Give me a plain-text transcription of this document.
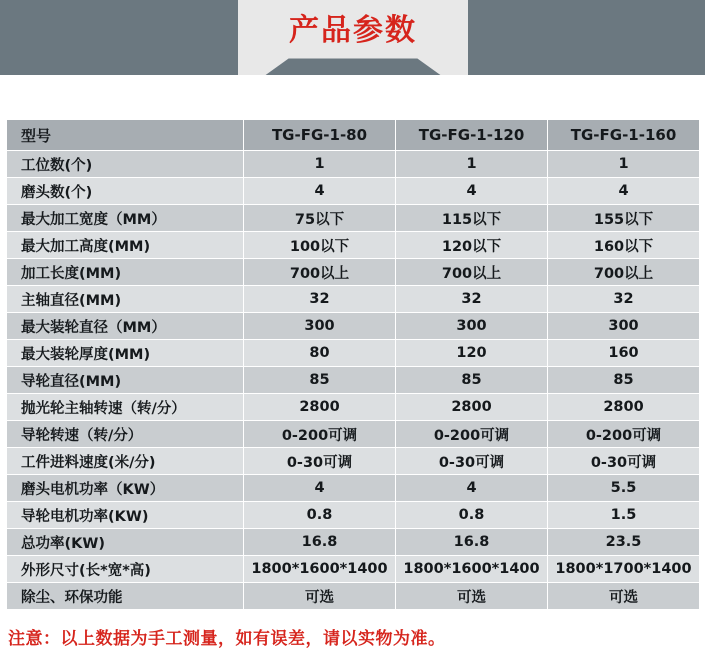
产品参数
型号	TG-FG-1-80	TG-FG-1-120	TG-FG-1-160
工位数(个)	1	1	1
磨头数(个)	4	4	4
最大加工宽度（MM）	75以下	115以下	155以下
最大加工高度(MM)	100以下	120以下	160以下
加工长度(MM)	700以上	700以上	700以上
主轴直径(MM)	32	32	32
最大装轮直径（MM）	300	300	300
最大装轮厚度(MM)	80	120	160
导轮直径(MM)	85	85	85
抛光轮主轴转速（转/分）	2800	2800	2800
导轮转速（转/分）	0-200可调	0-200可调	0-200可调
工件进料速度(米/分)	0-30可调	0-30可调	0-30可调
磨头电机功率（KW）	4	4	5.5
导轮电机功率(KW)	0.8	0.8	1.5
总功率(KW)	16.8	16.8	23.5
外形尺寸(长*宽*高)	1800*1600*1400	1800*1600*1400	1800*1700*1400
除尘、环保功能	可选	可选	可选
注意：以上数据为手工测量，如有误差，请以实物为准。
